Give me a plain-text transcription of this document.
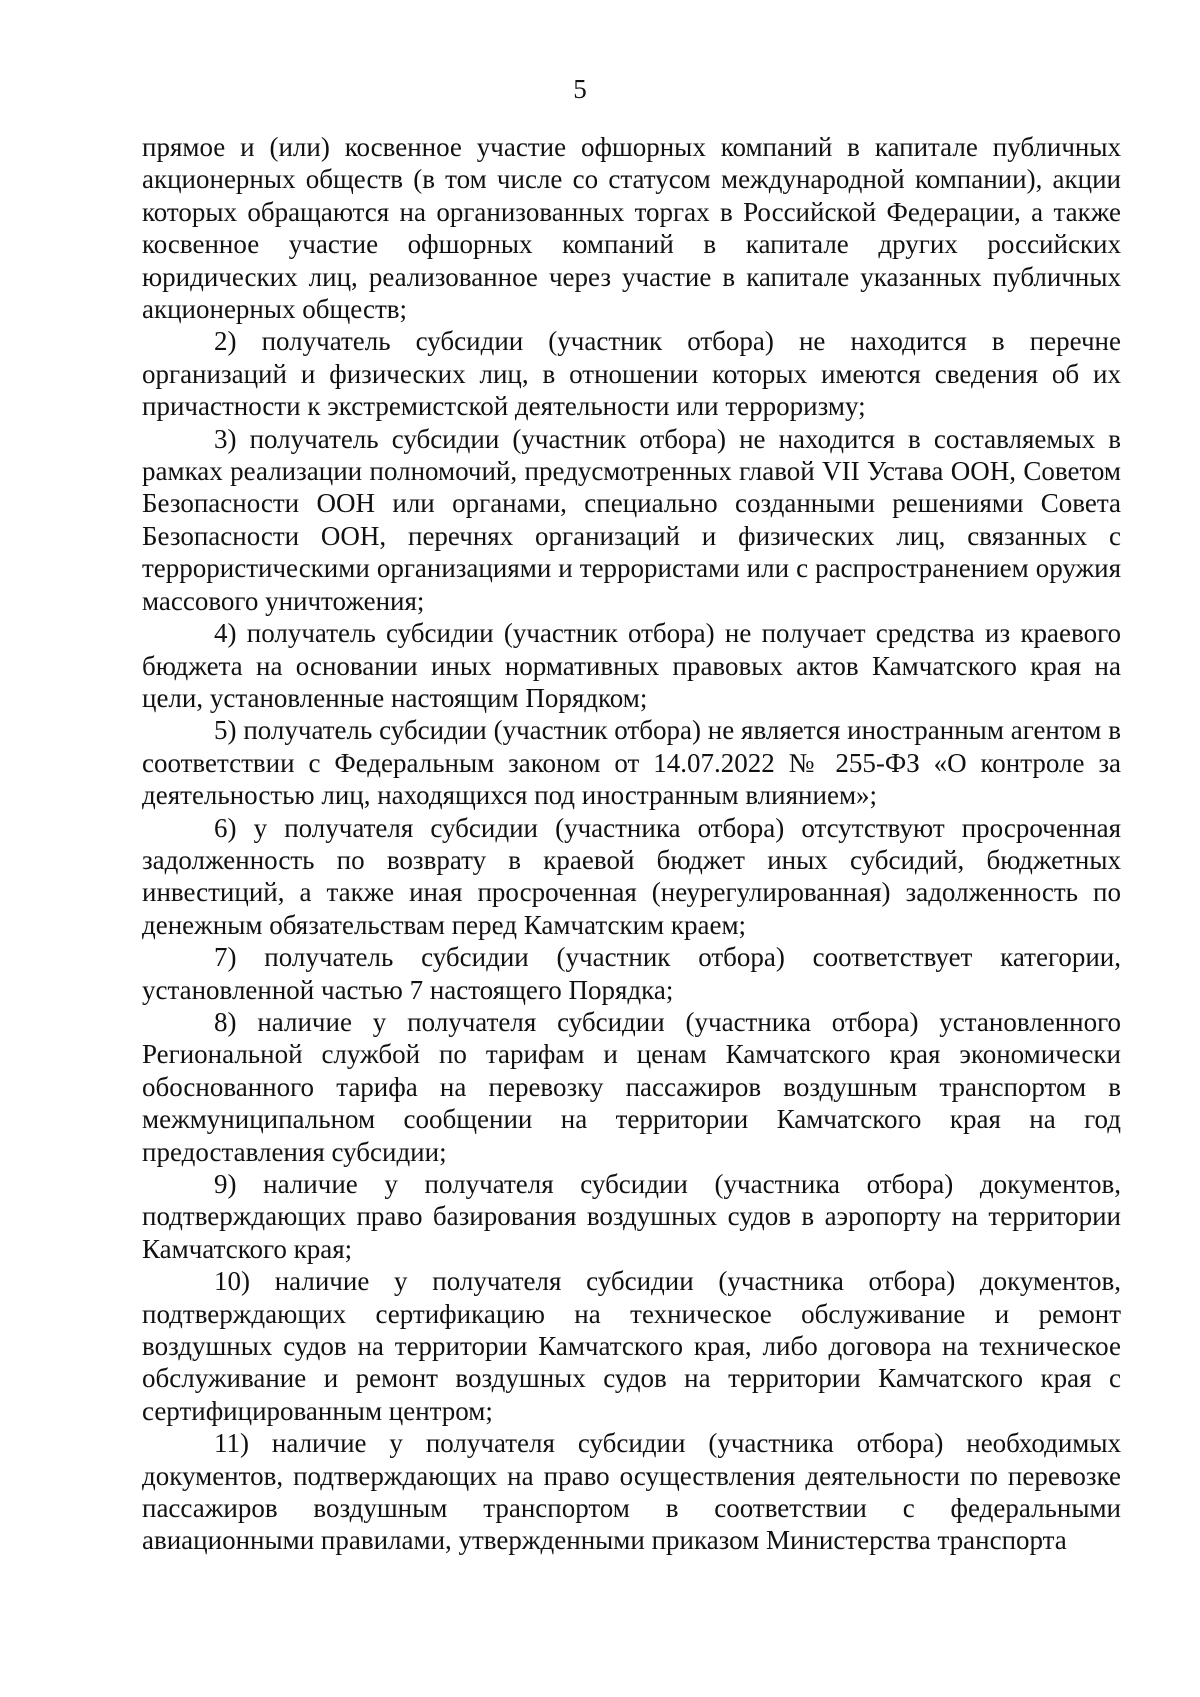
5

прямое и (или) косвенное участие офшорных компаний в капитале публичных акционерных обществ (в том числе со статусом международной компании), акции которых обращаются на организованных торгах в Российской Федерации, а также косвенное участие офшорных компаний в капитале других российских юридических лиц, реализованное через участие в капитале указанных публичных акционерных обществ;

2) получатель субсидии (участник отбора) не находится в перечне организаций и физических лиц, в отношении которых имеются сведения об их причастности к экстремистской деятельности или терроризму;

3) получатель субсидии (участник отбора) не находится в составляемых в рамках реализации полномочий, предусмотренных главой VII Устава ООН, Советом Безопасности ООН или органами, специально созданными решениями Совета Безопасности ООН, перечнях организаций и физических лиц, связанных с террористическими организациями и террористами или с распространением оружия массового уничтожения;

4) получатель субсидии (участник отбора) не получает средства из краевого бюджета на основании иных нормативных правовых актов Камчатского края на цели, установленные настоящим Порядком;

5) получатель субсидии (участник отбора) не является иностранным агентом в соответствии с Федеральным законом от 14.07.2022 № 255-ФЗ «О контроле за деятельностью лиц, находящихся под иностранным влиянием»;

6) у получателя субсидии (участника отбора) отсутствуют просроченная задолженность по возврату в краевой бюджет иных субсидий, бюджетных инвестиций, а также иная просроченная (неурегулированная) задолженность по денежным обязательствам перед Камчатским краем;

7) получатель субсидии (участник отбора) соответствует категории, установленной частью 7 настоящего Порядка;

8) наличие у получателя субсидии (участника отбора) установленного Региональной службой по тарифам и ценам Камчатского края экономически обоснованного тарифа на перевозку пассажиров воздушным транспортом в межмуниципальном сообщении на территории Камчатского края на год предоставления субсидии;

9) наличие у получателя субсидии (участника отбора) документов, подтверждающих право базирования воздушных судов в аэропорту на территории Камчатского края;

10) наличие у получателя субсидии (участника отбора) документов, подтверждающих сертификацию на техническое обслуживание и ремонт воздушных судов на территории Камчатского края, либо договора на техническое обслуживание и ремонт воздушных судов на территории Камчатского края с сертифицированным центром;

11) наличие у получателя субсидии (участника отбора) необходимых документов, подтверждающих на право осуществления деятельности по перевозке пассажиров воздушным транспортом в соответствии с федеральными авиационными правилами, утвержденными приказом Министерства транспорта
